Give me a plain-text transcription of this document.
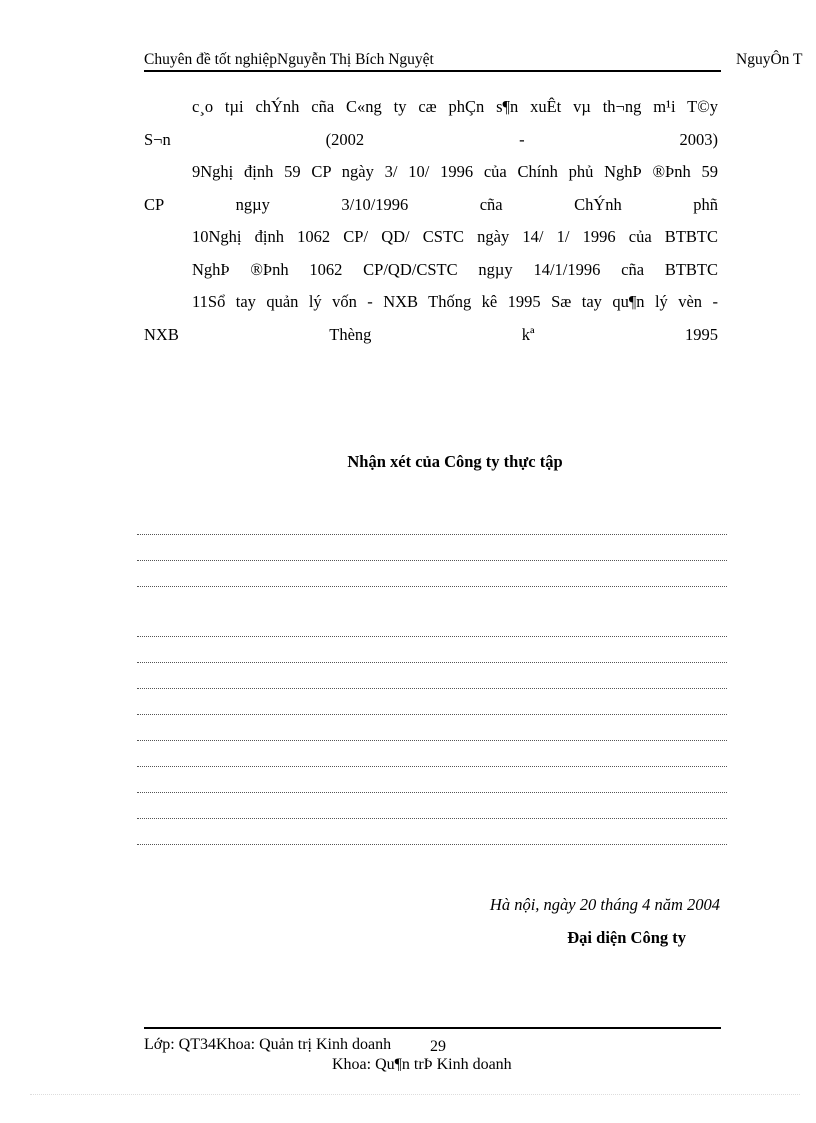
Chuyên đề tốt nghiệpNguyễn Thị Bích Nguyệt	NguyÔn T
c¸o tµi chÝnh cña C«ng ty cæ phÇn s¶n xuÊt vµ th¬ng m¹i T©y
S¬n	(2002	-	2003)
9Nghị định 59 CP ngày 3/ 10/ 1996 của Chính phủ NghÞ ®Þnh 59
CP	ngµy	3/10/1996	cña	ChÝnh	phñ
10Nghị định 1062 CP/ QD/ CSTC ngày 14/ 1/ 1996 của BTBTC
NghÞ ®Þnh 1062 CP/QD/CSTC ngµy 14/1/1996 cña BTBTC
11Sổ tay quản lý vốn - NXB Thống kê 1995 Sæ tay qu¶n lý vèn -
NXB	Thèng	kª	1995
Nhận xét của Công ty thực tập
Hà nội, ngày 20 tháng 4 năm 2004
Đại diện Công ty
Lớp: QT34Khoa: Quản trị Kinh doanh 29
Khoa: Qu¶n trÞ Kinh doanh
